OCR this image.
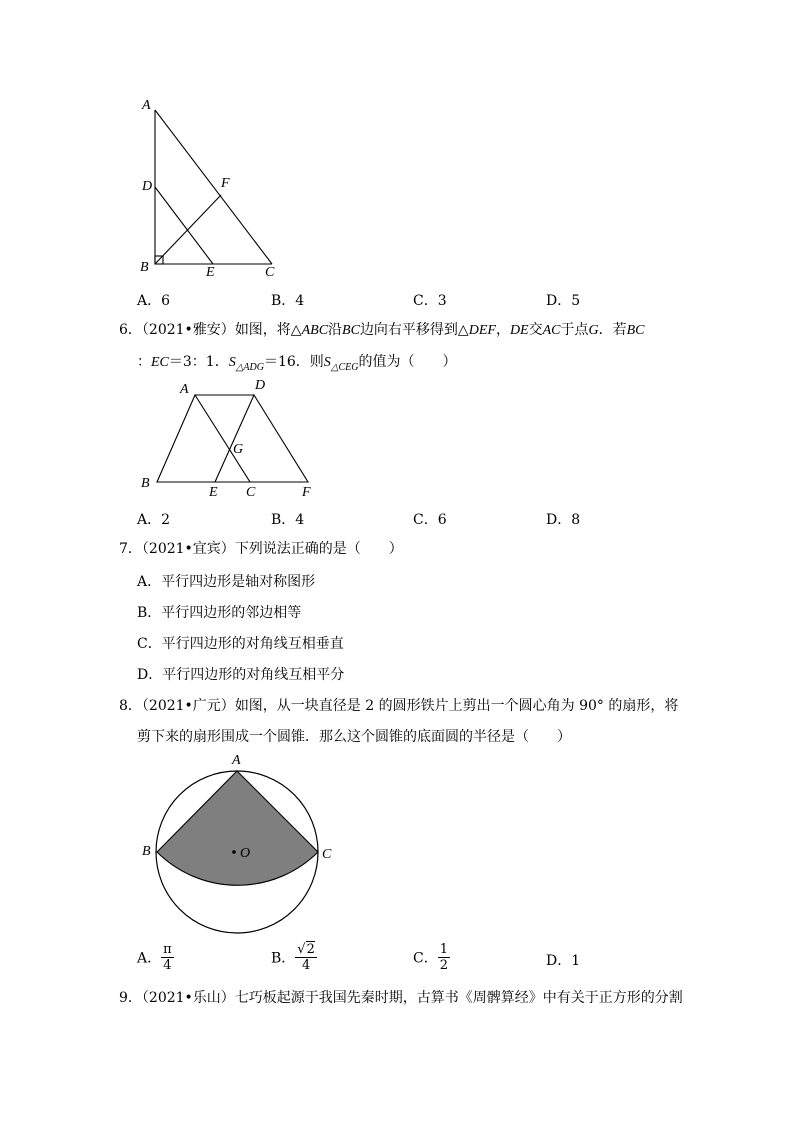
A
D	F
B	E	C
A．6	B．4	C．3	D．5
6．（2021•雅安）如图，将△ABC沿BC边向右平移得到△DEF，DE交AC于点G．若BC
：EC＝3：1．$S_{\triangle ADG}=16$．则$S_{\triangle CEG}$的值为（　　）
A	D
G
B
E C	F
A．2	B．4	C．6	D．8
7．（2021•宜宾）下列说法正确的是（　　）
A．平行四边形是轴对称图形
B．平行四边形的邻边相等
C．平行四边形的对角线互相垂直
D．平行四边形的对角线互相平分
8．（2021•广元）如图，从一块直径是 2 的圆形铁片上剪出一个圆心角为 90° 的扇形，将
剪下来的扇形围成一个圆锥．那么这个圆锥的底面圆的半径是（　　）
A
B	C
O
A． $\frac{\pi}{4}$	B． $\frac{√2}{4}$	C． $\frac{1}{2}$	D．1
9．（2021•乐山）七巧板起源于我国先秦时期，古算书《周髀算经》中有关于正方形的分割
